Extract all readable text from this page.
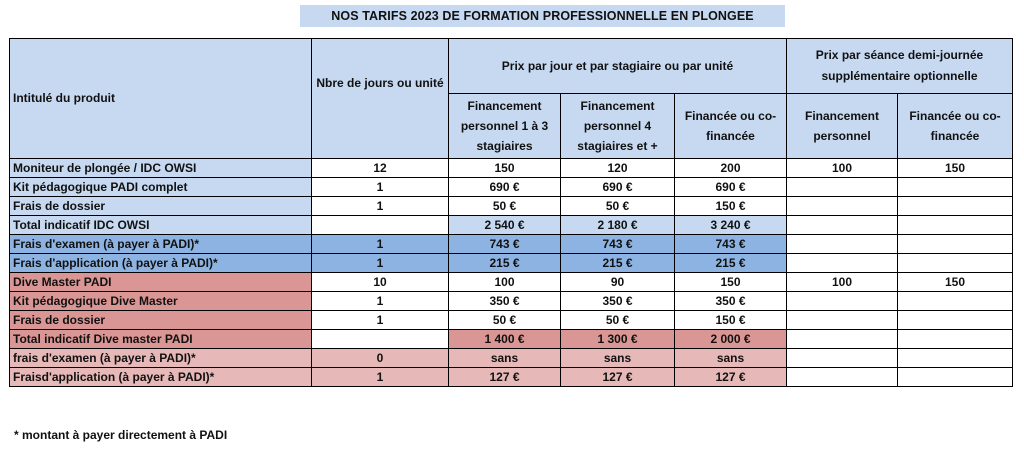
NOS TARIFS 2023 DE FORMATION PROFESSIONNELLE EN PLONGEE
Intitulé du produit	Nbre de jours ou unité	Prix par jour et par stagiaire ou par unité			Prix par séance demi-journée supplémentaire optionnelle	
		Financement personnel 1 à 3 stagiaires	Financement personnel 4 stagiaires et +	Financée ou co-financée	Financement personnel	Financée ou co-financée
Moniteur de plongée / IDC OWSI	12	150	120	200	100	150
Kit pédagogique PADI complet	1	690 €	690 €	690 €		
Frais de dossier	1	50 €	50 €	150 €		
Total indicatif IDC OWSI		2 540 €	2 180 €	3 240 €		
Frais d'examen (à payer à PADI)*	1	743 €	743 €	743 €		
Frais d'application (à payer à PADI)*	1	215 €	215 €	215 €		
Dive Master PADI	10	100	90	150	100	150
Kit pédagogique Dive Master	1	350 €	350 €	350 €		
Frais de dossier	1	50 €	50 €	150 €		
Total indicatif Dive master PADI		1 400 €	1 300 €	2 000 €		
frais d'examen (à payer à PADI)*	0	sans	sans	sans		
Fraisd'application (à payer à PADI)*	1	127 €	127 €	127 €		
* montant à payer directement à PADI
